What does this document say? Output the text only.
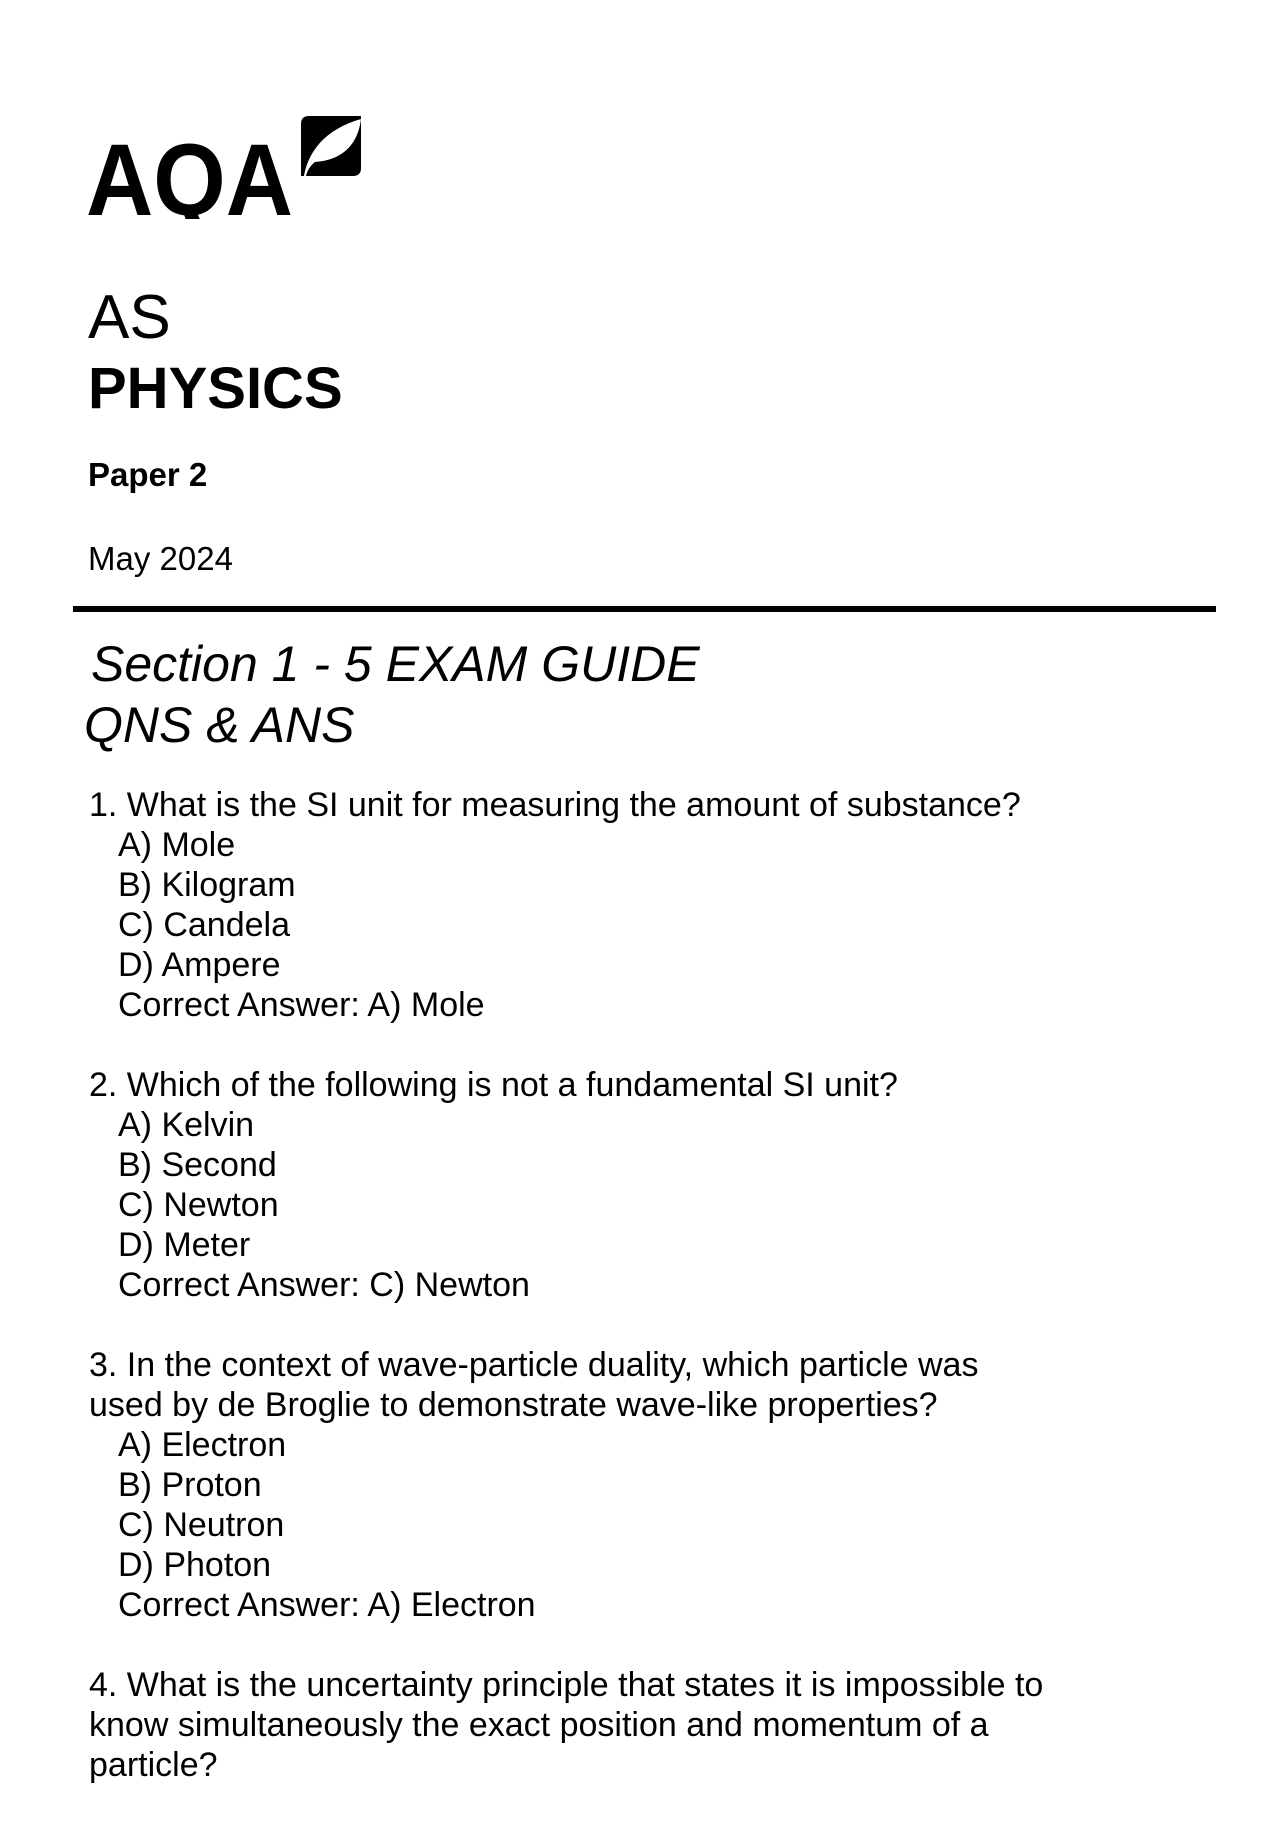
AQA
AS
PHYSICS
Paper 2
May 2024
Section 1 - 5 EXAM GUIDE
QNS & ANS
1. What is the SI unit for measuring the amount of substance?
A) Mole
B) Kilogram
C) Candela
D) Ampere
Correct Answer: A) Mole
2. Which of the following is not a fundamental SI unit?
A) Kelvin
B) Second
C) Newton
D) Meter
Correct Answer: C) Newton
3. In the context of wave-particle duality, which particle was
used by de Broglie to demonstrate wave-like properties?
A) Electron
B) Proton
C) Neutron
D) Photon
Correct Answer: A) Electron
4. What is the uncertainty principle that states it is impossible to
know simultaneously the exact position and momentum of a
particle?
